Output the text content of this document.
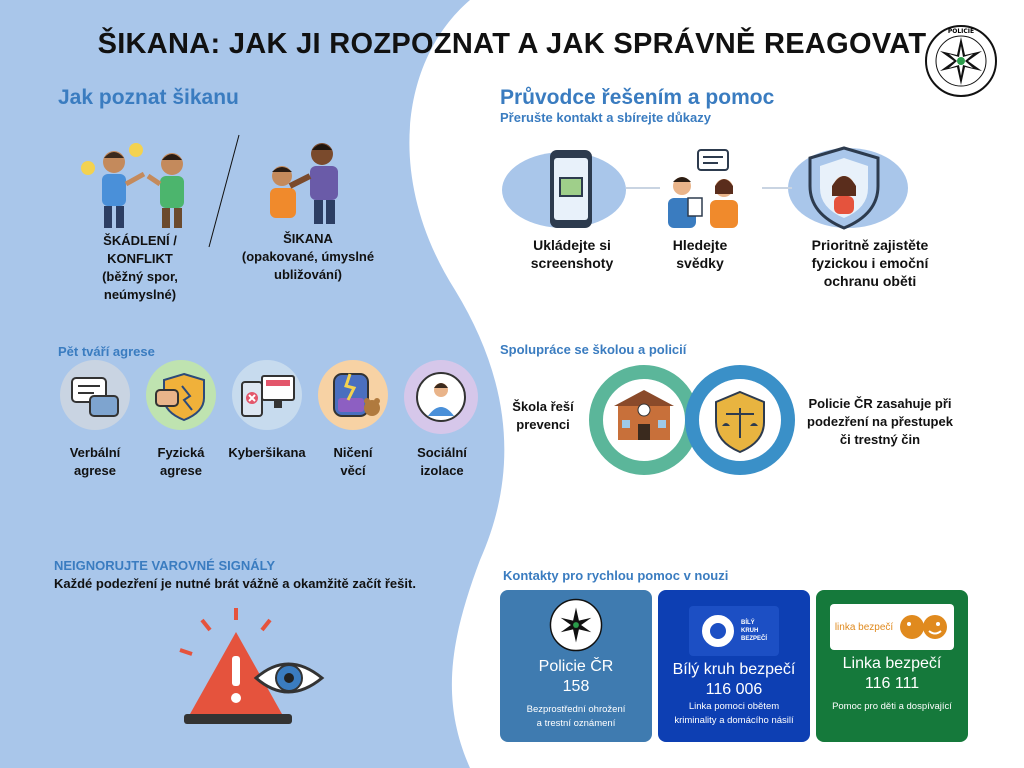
ŠIKANA: JAK JI ROZPOZNAT A JAK SPRÁVNĚ REAGOVAT	POLICIE
Jak poznat šikanu
ŠKÁDLENÍ /
KONFLIKT
(běžný spor,
neúmyslné)
ŠIKANA
(opakované, úmyslné
ubližování)
Pět tváří agrese
Verbální
agrese
Fyzická
agrese
Kyberšikana	Ničení
věcí
Sociální
izolace
NEIGNORUJTE VAROVNÉ SIGNÁLY
Každé podezření je nutné brát vážně a okamžitě začít řešit.
Průvodce řešením a pomoc
Přerušte kontakt a sbírejte důkazy
Ukládejte si
screenshoty
Hledejte
svědky
Prioritně zajistěte
fyzickou i emoční
ochranu oběti
Spolupráce se školou a policií
Škola řeší
prevenci
Policie ČR zasahuje při
podezření na přestupek
či trestný čin
Kontakty pro rychlou pomoc v nouzi
Policie ČR
158
Bezprostřední ohrožení
a trestní oznámení
BÍLÝ
KRUH
BEZPEČÍ
Bílý kruh bezpečí
116 006
Linka pomoci obětem
kriminality a domácího násilí
linka bezpečí
Linka bezpečí
116 111
Pomoc pro děti a dospívající
